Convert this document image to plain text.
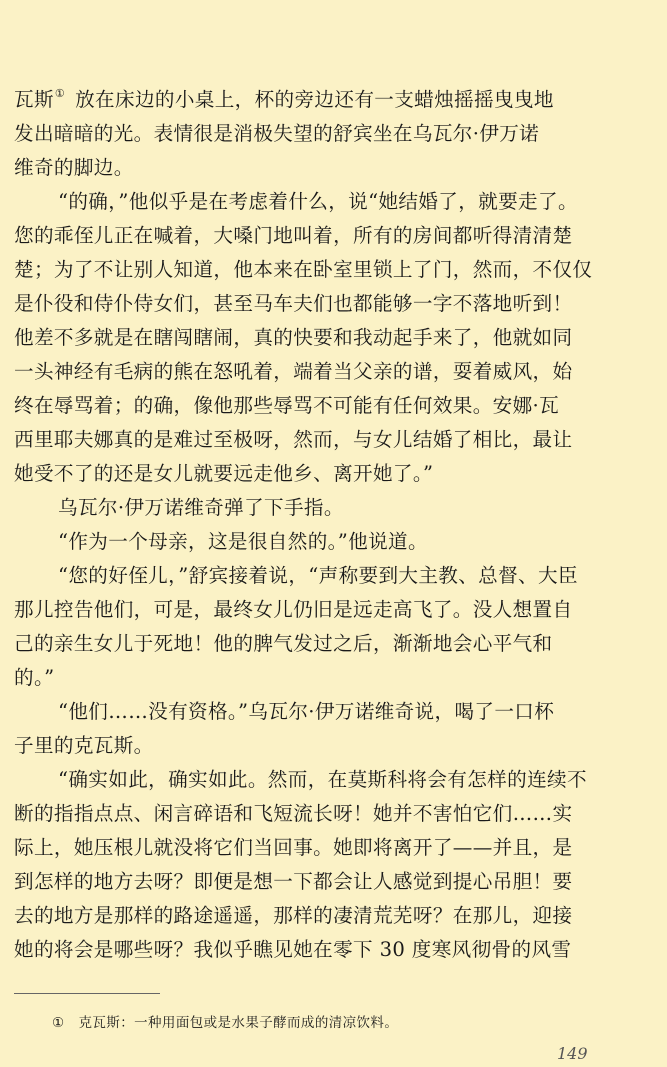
瓦斯① 放在床边的小桌上，杯的旁边还有一支蜡烛摇摇曳曳地
发出暗暗的光。表情很是消极失望的舒宾坐在乌瓦尔·伊万诺
维奇的脚边。
“的确，”他似乎是在考虑着什么，说“她结婚了，就要走了。
您的乖侄儿正在喊着，大嗓门地叫着，所有的房间都听得清清楚
楚；为了不让别人知道，他本来在卧室里锁上了门，然而，不仅仅
是仆役和侍仆侍女们，甚至马车夫们也都能够一字不落地听到！
他差不多就是在瞎闯瞎闹，真的快要和我动起手来了，他就如同
一头神经有毛病的熊在怒吼着，端着当父亲的谱，耍着威风，始
终在辱骂着；的确，像他那些辱骂不可能有任何效果。安娜·瓦
西里耶夫娜真的是难过至极呀，然而，与女儿结婚了相比，最让
她受不了的还是女儿就要远走他乡、离开她了。”
乌瓦尔·伊万诺维奇弹了下手指。
“作为一个母亲，这是很自然的。”他说道。
“您的好侄儿，”舒宾接着说，“声称要到大主教、总督、大臣
那儿控告他们，可是，最终女儿仍旧是远走高飞了。没人想置自
己的亲生女儿于死地！他的脾气发过之后，渐渐地会心平气和
的。”
“他们……没有资格。”乌瓦尔·伊万诺维奇说，喝了一口杯
子里的克瓦斯。
“确实如此，确实如此。然而，在莫斯科将会有怎样的连续不
断的指指点点、闲言碎语和飞短流长呀！她并不害怕它们……实
际上，她压根儿就没将它们当回事。她即将离开了——并且，是
到怎样的地方去呀？即便是想一下都会让人感觉到提心吊胆！要
去的地方是那样的路途遥遥，那样的凄清荒芜呀？在那儿，迎接
她的将会是哪些呀？我似乎瞧见她在零下 30 度寒风彻骨的风雪
① 克瓦斯：一种用面包或是水果子酵而成的清凉饮料。
149
